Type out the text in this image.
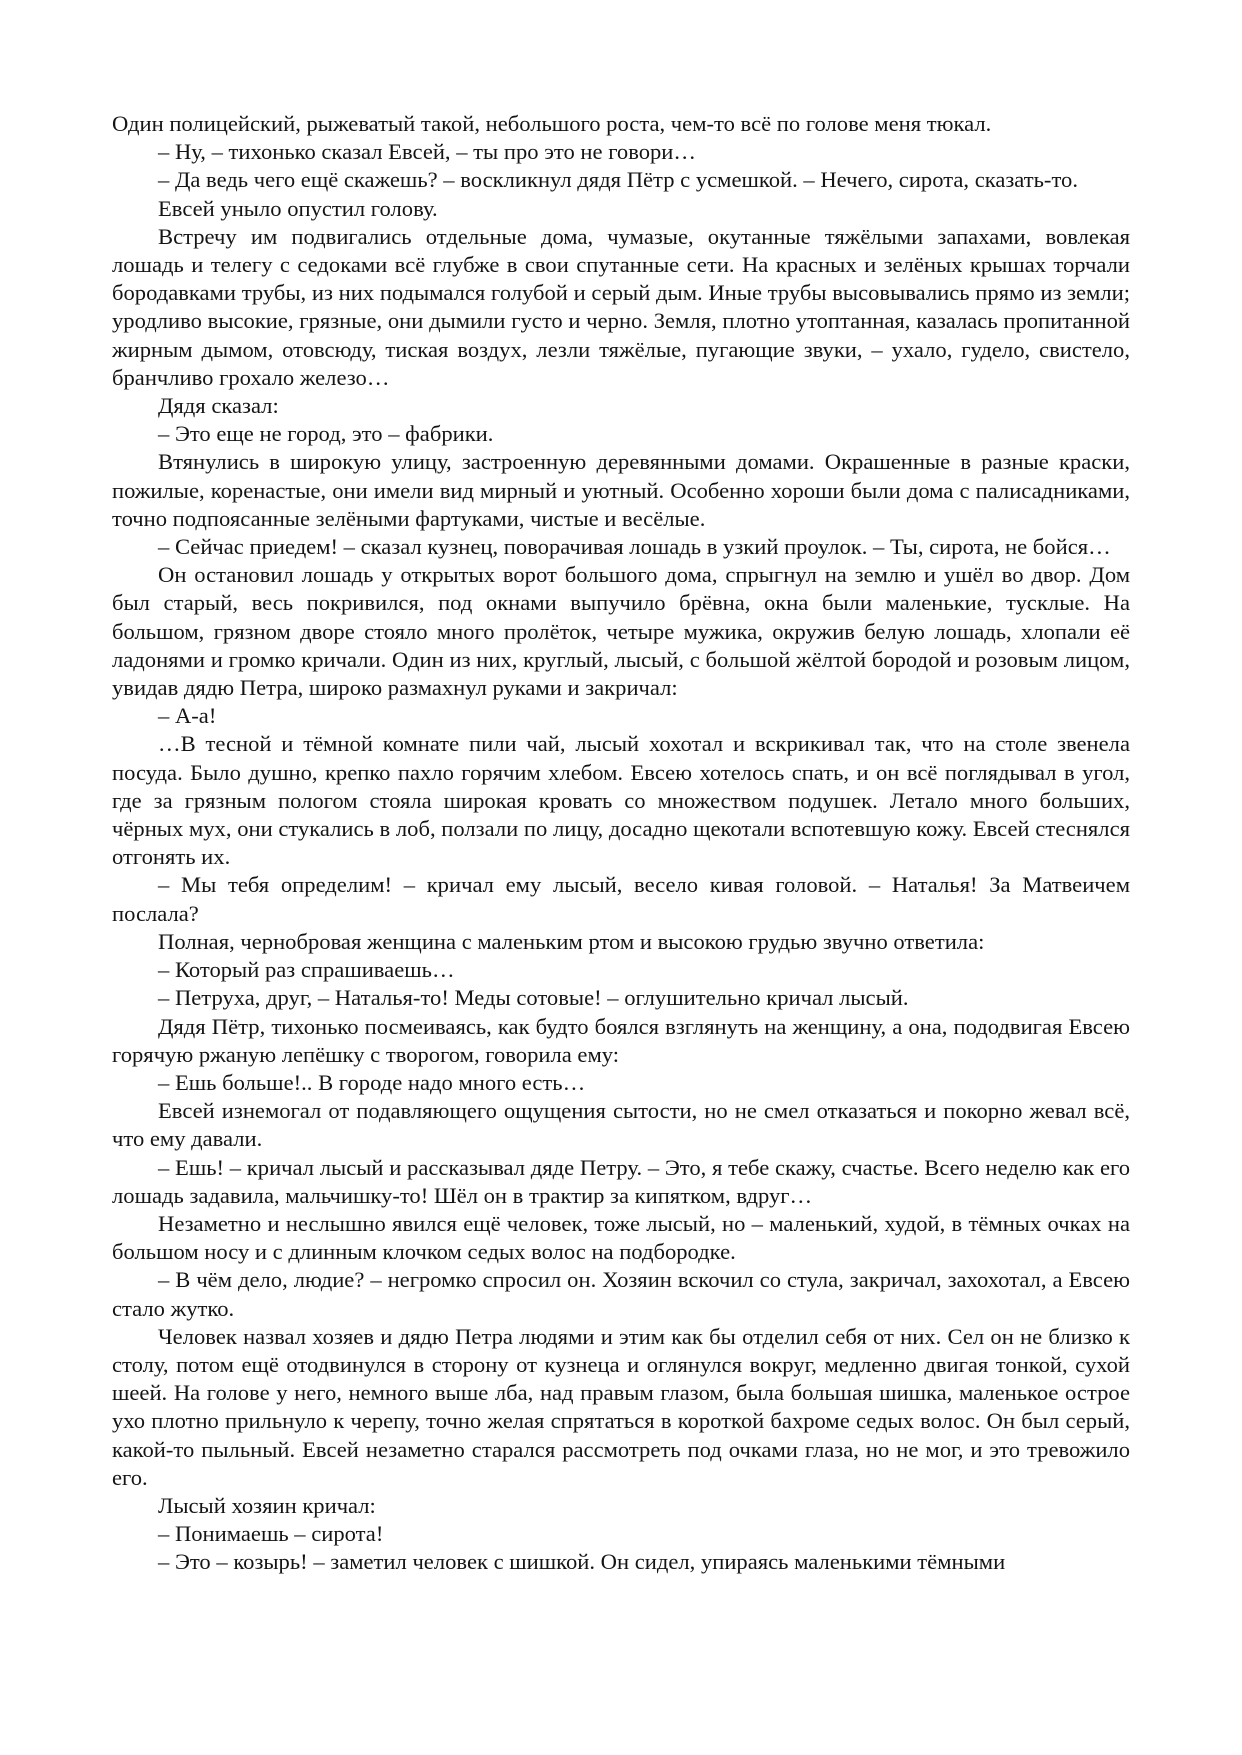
Один полицейский, рыжеватый такой, небольшого роста, чем-то всё по голове меня тюкал.

– Ну, – тихонько сказал Евсей, – ты про это не говори…

– Да ведь чего ещё скажешь? – воскликнул дядя Пётр с усмешкой. – Нечего, сирота, сказать-то.

Евсей уныло опустил голову.

Встречу им подвигались отдельные дома, чумазые, окутанные тяжёлыми запахами, вовлекая лошадь и телегу с седоками всё глубже в свои спутанные сети. На красных и зелёных крышах торчали бородавками трубы, из них подымался голубой и серый дым. Иные трубы высовывались прямо из земли; уродливо высокие, грязные, они дымили густо и черно. Земля, плотно утоптанная, казалась пропитанной жирным дымом, отовсюду, тиская воздух, лезли тяжёлые, пугающие звуки, – ухало, гудело, свистело, бранчливо грохало железо…

Дядя сказал:

– Это еще не город, это – фабрики.

Втянулись в широкую улицу, застроенную деревянными домами. Окрашенные в разные краски, пожилые, коренастые, они имели вид мирный и уютный. Особенно хороши были дома с палисадниками, точно подпоясанные зелёными фартуками, чистые и весёлые.

– Сейчас приедем! – сказал кузнец, поворачивая лошадь в узкий проулок. – Ты, сирота, не бойся…

Он остановил лошадь у открытых ворот большого дома, спрыгнул на землю и ушёл во двор. Дом был старый, весь покривился, под окнами выпучило брёвна, окна были маленькие, тусклые. На большом, грязном дворе стояло много пролёток, четыре мужика, окружив белую лошадь, хлопали её ладонями и громко кричали. Один из них, круглый, лысый, с большой жёлтой бородой и розовым лицом, увидав дядю Петра, широко размахнул руками и закричал:

– А-а!

…В тесной и тёмной комнате пили чай, лысый хохотал и вскрикивал так, что на столе звенела посуда. Было душно, крепко пахло горячим хлебом. Евсею хотелось спать, и он всё поглядывал в угол, где за грязным пологом стояла широкая кровать со множеством подушек. Летало много больших, чёрных мух, они стукались в лоб, ползали по лицу, досадно щекотали вспотевшую кожу. Евсей стеснялся отгонять их.

– Мы тебя определим! – кричал ему лысый, весело кивая головой. – Наталья! За Матвеичем послала?

Полная, чернобровая женщина с маленьким ртом и высокою грудью звучно ответила:

– Который раз спрашиваешь…

– Петруха, друг, – Наталья-то! Меды сотовые! – оглушительно кричал лысый.

Дядя Пётр, тихонько посмеиваясь, как будто боялся взглянуть на женщину, а она, пододвигая Евсею горячую ржаную лепёшку с творогом, говорила ему:

– Ешь больше!.. В городе надо много есть…

Евсей изнемогал от подавляющего ощущения сытости, но не смел отказаться и покорно жевал всё, что ему давали.

– Ешь! – кричал лысый и рассказывал дяде Петру. – Это, я тебе скажу, счастье. Всего неделю как его лошадь задавила, мальчишку-то! Шёл он в трактир за кипятком, вдруг…

Незаметно и неслышно явился ещё человек, тоже лысый, но – маленький, худой, в тёмных очках на большом носу и с длинным клочком седых волос на подбородке.

– В чём дело, людие? – негромко спросил он. Хозяин вскочил со стула, закричал, захохотал, а Евсею стало жутко.

Человек назвал хозяев и дядю Петра людями и этим как бы отделил себя от них. Сел он не близко к столу, потом ещё отодвинулся в сторону от кузнеца и оглянулся вокруг, медленно двигая тонкой, сухой шеей. На голове у него, немного выше лба, над правым глазом, была большая шишка, маленькое острое ухо плотно прильнуло к черепу, точно желая спрятаться в короткой бахроме седых волос. Он был серый, какой-то пыльный. Евсей незаметно старался рассмотреть под очками глаза, но не мог, и это тревожило его.

Лысый хозяин кричал:

– Понимаешь – сирота!

– Это – козырь! – заметил человек с шишкой. Он сидел, упираясь маленькими тёмными
